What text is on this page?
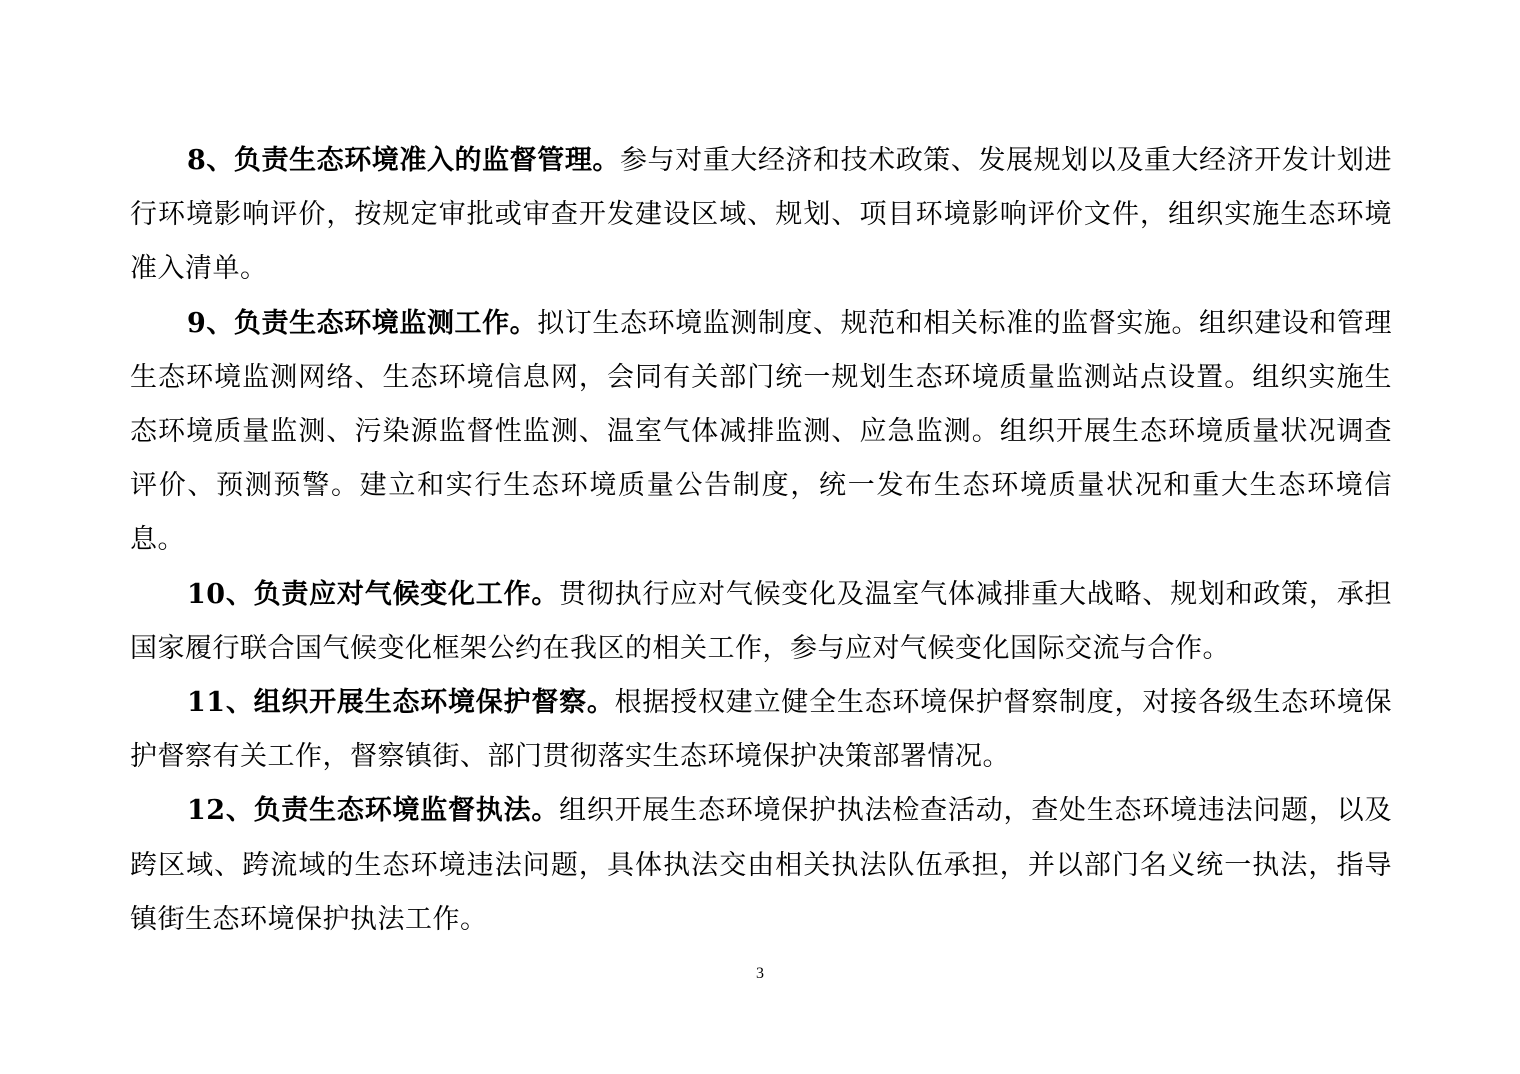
8、负责生态环境准入的监督管理。参与对重大经济和技术政策、发展规划以及重大经济开发计划进行环境影响评价，按规定审批或审查开发建设区域、规划、项目环境影响评价文件，组织实施生态环境准入清单。

9、负责生态环境监测工作。拟订生态环境监测制度、规范和相关标准的监督实施。组织建设和管理生态环境监测网络、生态环境信息网，会同有关部门统一规划生态环境质量监测站点设置。组织实施生态环境质量监测、污染源监督性监测、温室气体减排监测、应急监测。组织开展生态环境质量状况调查评价、预测预警。建立和实行生态环境质量公告制度，统一发布生态环境质量状况和重大生态环境信息。

10、负责应对气候变化工作。贯彻执行应对气候变化及温室气体减排重大战略、规划和政策，承担国家履行联合国气候变化框架公约在我区的相关工作，参与应对气候变化国际交流与合作。

11、组织开展生态环境保护督察。根据授权建立健全生态环境保护督察制度，对接各级生态环境保护督察有关工作，督察镇街、部门贯彻落实生态环境保护决策部署情况。

12、负责生态环境监督执法。组织开展生态环境保护执法检查活动，查处生态环境违法问题，以及跨区域、跨流域的生态环境违法问题，具体执法交由相关执法队伍承担，并以部门名义统一执法，指导镇街生态环境保护执法工作。

3
